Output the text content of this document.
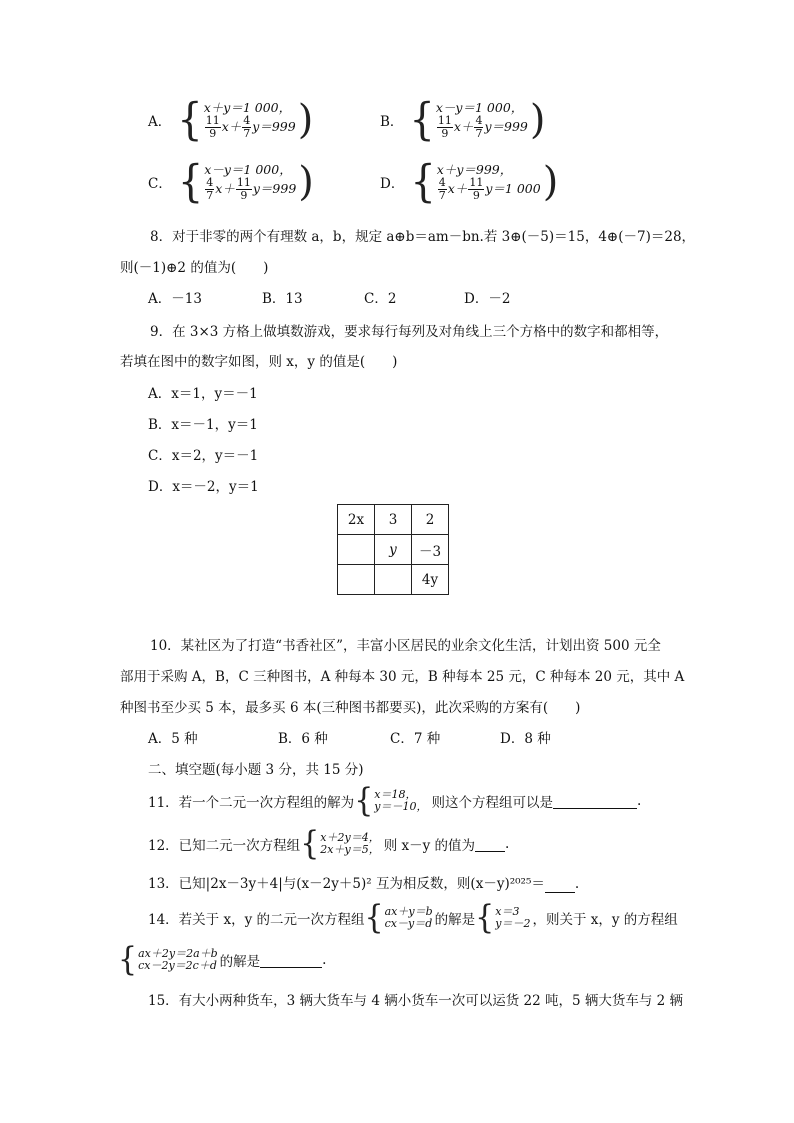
A． { x＋y＝1 000，
$\frac{11}{9} x+ \frac{4}{7} y=999$ )	B． { x－y＝1 000，
$\frac{11}{9} x+ \frac{4}{7} y=999$ )
C． { x－y＝1 000，
$\frac{4}{7} x+ \frac{11}{9} y=999$ )	D． { x＋y＝999，
$\frac{4}{7} x+ \frac{11}{9} y=1$ 000 )
8．对于非零的两个有理数 a，b，规定 a⊕b＝am－bn.若 3⊕(－5)＝15，4⊕(－7)＝28，
则(－1)⊕2 的值为(　　)
A．－13	B．13	C．2	D．－2
9．在 3×3 方格上做填数游戏，要求每行每列及对角线上三个方格中的数字和都相等，
若填在图中的数字如图，则 x，y 的值是(　　)
A．x＝1，y＝－1
B．x＝－1，y＝1
C．x＝2，y＝－1
D．x＝－2，y＝1
2x	3	2
	y	－3
		4y
10．某社区为了打造“书香社区”，丰富小区居民的业余文化生活，计划出资 500 元全
部用于采购 A，B，C 三种图书，A 种每本 30 元，B 种每本 25 元，C 种每本 20 元，其中 A
种图书至少买 5 本，最多买 6 本(三种图书都要买)，此次采购的方案有(　　)
A．5 种	B．6 种	C．7 种	D．8 种
二、填空题(每小题 3 分，共 15 分)
11．若一个二元一次方程组的解为 { x＝18，
y＝－10， 则这个方程组可以是	.
12．已知二元一次方程组 { x＋2y＝4，
2x＋y＝5， 则 x－y 的值为 .
13．已知|2x－3y＋4|与(x－2y＋5)² 互为相反数，则(x－y)²⁰²⁵＝ .
14．若关于 x，y 的二元一次方程组 { ax＋y＝b
cx－y＝d 的解是 { x＝3
y＝－2 ，则关于 x，y 的方程组
{ ax＋2y＝2a＋b
cx－2y＝2c＋d 的解是	.
15．有大小两种货车，3 辆大货车与 4 辆小货车一次可以运货 22 吨，5 辆大货车与 2 辆
